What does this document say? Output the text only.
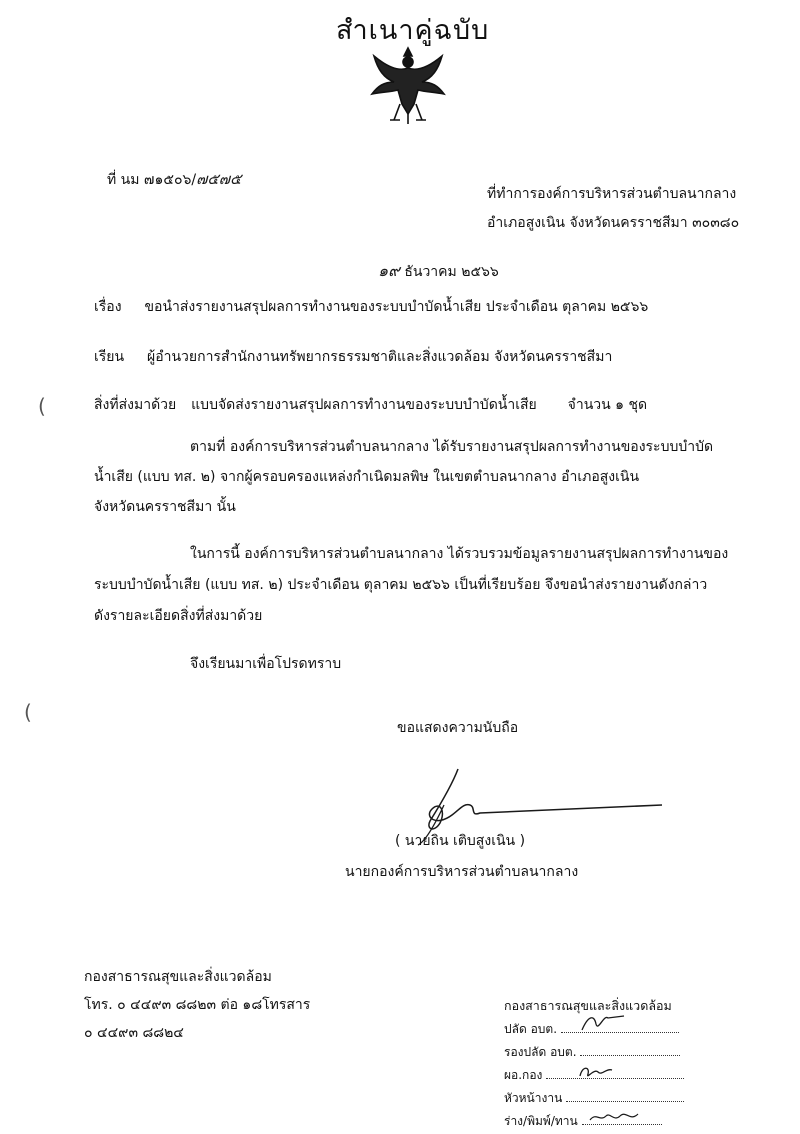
สำเนาคู่ฉบับ
ที่ นม ๗๑๕๐๖/๗๕๗๕
ที่ทำการองค์การบริหารส่วนตำบลนากลาง
อำเภอสูงเนิน จังหวัดนครราชสีมา ๓๐๓๘๐
๑๙ ธันวาคม ๒๕๖๖
เรื่อง ขอนำส่งรายงานสรุปผลการทำงานของระบบบำบัดน้ำเสีย ประจำเดือน ตุลาคม ๒๕๖๖
เรียน ผู้อำนวยการสำนักงานทรัพยากรธรรมชาติและสิ่งแวดล้อม จังหวัดนครราชสีมา
สิ่งที่ส่งมาด้วย แบบจัดส่งรายงานสรุปผลการทำงานของระบบบำบัดน้ำเสีย จำนวน ๑ ชุด
(
(
ตามที่ องค์การบริหารส่วนตำบลนากลาง ได้รับรายงานสรุปผลการทำงานของระบบบำบัด
น้ำเสีย (แบบ ทส. ๒) จากผู้ครอบครองแหล่งกำเนิดมลพิษ ในเขตตำบลนากลาง อำเภอสูงเนิน
จังหวัดนครราชสีมา นั้น
ในการนี้ องค์การบริหารส่วนตำบลนากลาง ได้รวบรวมข้อมูลรายงานสรุปผลการทำงานของ
ระบบบำบัดน้ำเสีย (แบบ ทส. ๒) ประจำเดือน ตุลาคม ๒๕๖๖ เป็นที่เรียบร้อย จึงขอนำส่งรายงานดังกล่าว
ดังรายละเอียดสิ่งที่ส่งมาด้วย
จึงเรียนมาเพื่อโปรดทราบ
ขอแสดงความนับถือ
( นายถิน เติบสูงเนิน )
นายกองค์การบริหารส่วนตำบลนากลาง
กองสาธารณสุขและสิ่งแวดล้อม
โทร. ๐ ๔๔๙๓ ๘๘๒๓ ต่อ ๑๘โทรสาร
๐ ๔๔๙๓ ๘๘๒๔
กองสาธารณสุขและสิ่งแวดล้อม
ปลัด อบต.
รองปลัด อบต.
ผอ.กอง
หัวหน้างาน
ร่าง/พิมพ์/ทาน
